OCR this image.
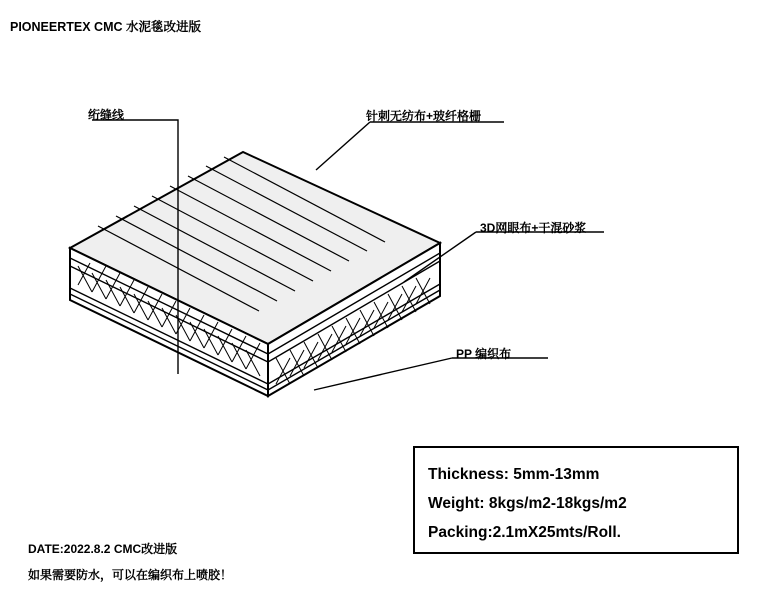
PIONEERTEX CMC 水泥毯改进版
绗缝线	针刺无纺布+玻纤格栅
3D网眼布+干混砂浆
PP 编织布
Thickness: 5mm-13mm
Weight: 8kgs/m2-18kgs/m2
Packing:2.1mX25mts/Roll.
DATE:2022.8.2 CMC改进版
如果需要防水，可以在编织布上喷胶！
